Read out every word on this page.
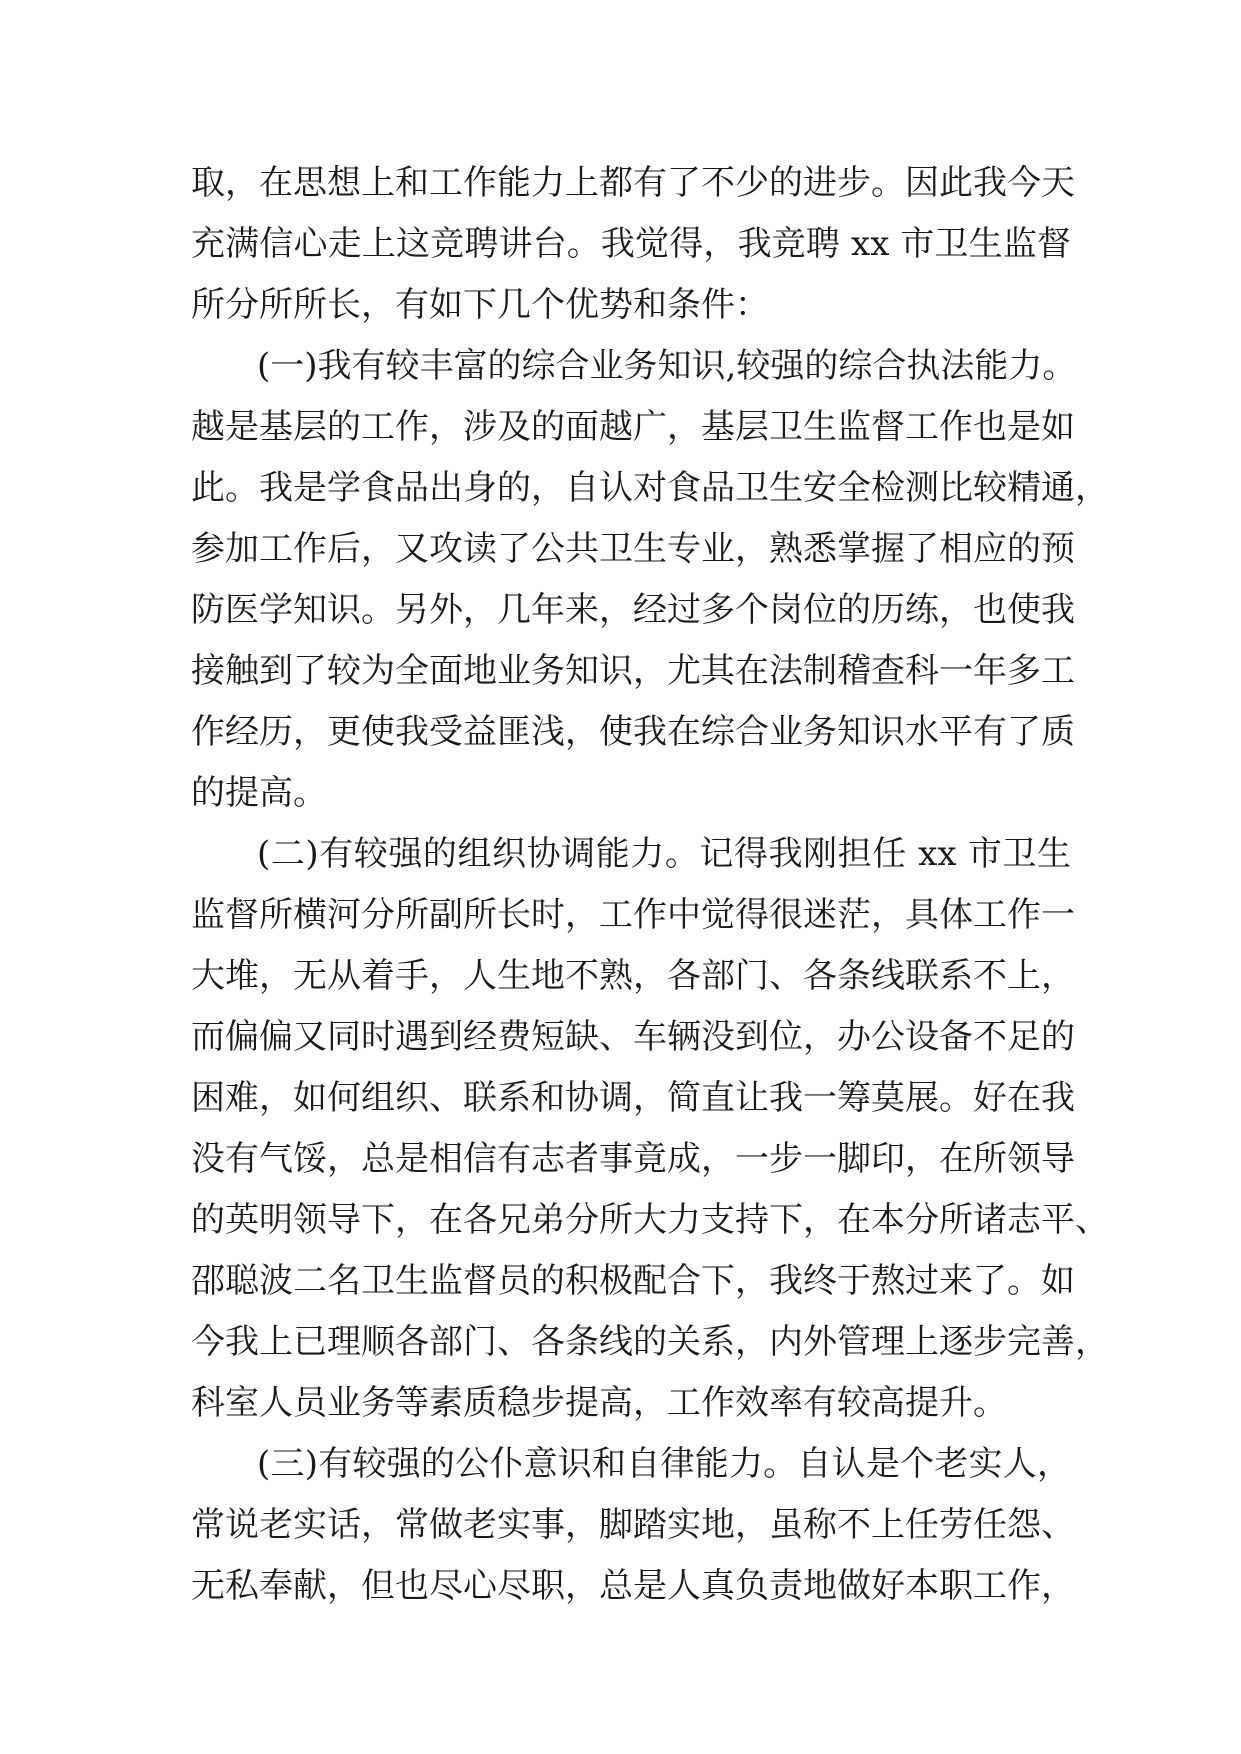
取，在思想上和工作能力上都有了不少的进步。因此我今天
充满信心走上这竞聘讲台。我觉得，我竞聘 xx 市卫生监督
所分所所长，有如下几个优势和条件：
(一)我有较丰富的综合业务知识,较强的综合执法能力。
越是基层的工作，涉及的面越广，基层卫生监督工作也是如
此。我是学食品出身的，自认对食品卫生安全检测比较精通，
参加工作后，又攻读了公共卫生专业，熟悉掌握了相应的预
防医学知识。另外，几年来，经过多个岗位的历练，也使我
接触到了较为全面地业务知识，尤其在法制稽查科一年多工
作经历，更使我受益匪浅，使我在综合业务知识水平有了质
的提高。
(二)有较强的组织协调能力。记得我刚担任 xx 市卫生
监督所横河分所副所长时，工作中觉得很迷茫，具体工作一
大堆，无从着手，人生地不熟，各部门、各条线联系不上，
而偏偏又同时遇到经费短缺、车辆没到位，办公设备不足的
困难，如何组织、联系和协调，简直让我一筹莫展。好在我
没有气馁，总是相信有志者事竟成，一步一脚印，在所领导
的英明领导下，在各兄弟分所大力支持下，在本分所诸志平、
邵聪波二名卫生监督员的积极配合下，我终于熬过来了。如
今我上已理顺各部门、各条线的关系，内外管理上逐步完善，
科室人员业务等素质稳步提高，工作效率有较高提升。
(三)有较强的公仆意识和自律能力。自认是个老实人，
常说老实话，常做老实事，脚踏实地，虽称不上任劳任怨、
无私奉献，但也尽心尽职，总是人真负责地做好本职工作，
